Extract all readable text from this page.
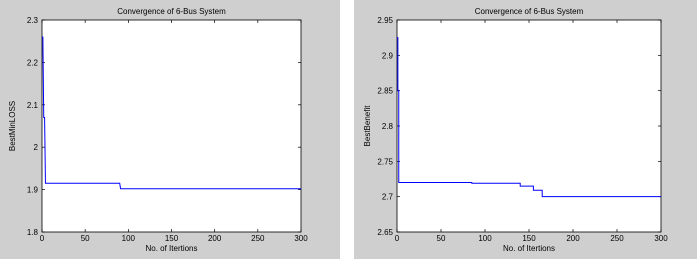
Convergence of 6-Bus System
0	50	100	150	200	250	300
1.8
1.9
2
2.1
2.2
2.3
No. of Itertions
BestMinLOSS
Convergence of 6-Bus System
0	50	100	150	200	250	300
2.65
2.7
2.75
2.8
2.85
2.9
2.95
No. of Itertions
BestBenefit
